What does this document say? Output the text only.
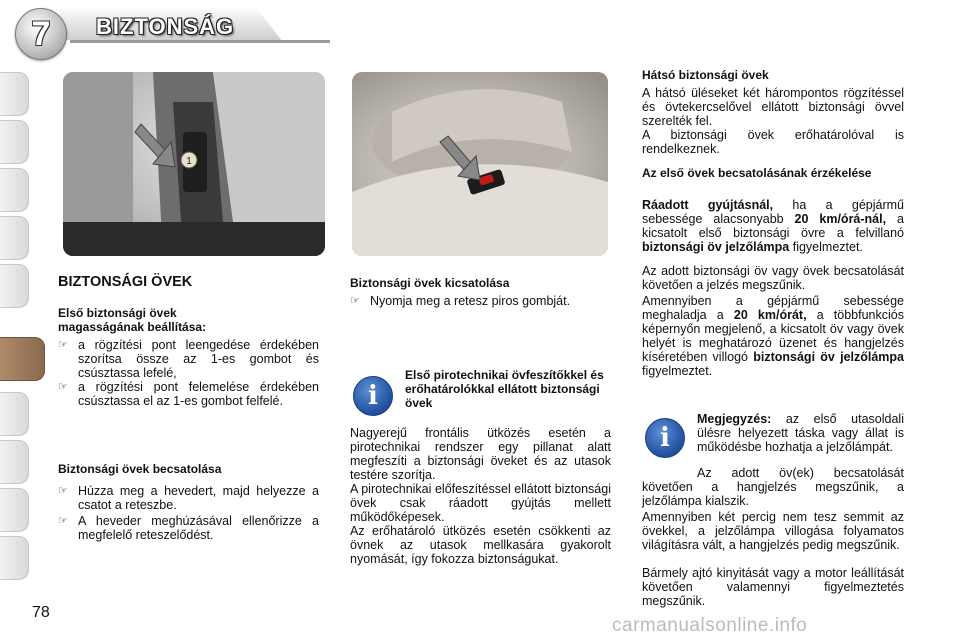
7	BIZTONSÁG
1
BIZTONSÁGI ÖVEK
Első biztonsági övek magasságának beállítása:
☞ a rögzítési pont leengedése érdekében szorítsa össze az 1-es gombot és csúsztassa lefelé,
☞ a rögzítési pont felemelése érdekében csúsztassa el az 1-es gombot felfelé.
Biztonsági övek becsatolása
☞ Húzza meg a hevedert, majd helyezze a csatot a reteszbe.
☞ A heveder meghúzásával ellenőrizze a megfelelő reteszelődést.
Biztonsági övek kicsatolása
☞ Nyomja meg a retesz piros gombját.
i
Első pirotechnikai övfeszítőkkel és erőhatárolókkal ellátott biztonsági övek
Nagyerejű frontális ütközés esetén a pirotechnikai rendszer egy pillanat alatt megfeszíti a biztonsági öveket és az utasok testére szorítja.
A pirotechnikai előfeszítéssel ellátott biztonsági övek csak ráadott gyújtás mellett működőképesek.
Az erőhatároló ütközés esetén csökkenti az övnek az utasok mellkasára gyakorolt nyomását, így fokozza biztonságukat.
Hátsó biztonsági övek
A hátsó üléseket két hárompontos rögzítéssel és övtekercselővel ellátott biztonsági övvel szerelték fel.
A biztonsági övek erőhatárolóval is rendelkeznek.
Az első övek becsatolásának érzékelése
Ráadott gyújtásnál, ha a gépjármű sebessége alacsonyabb 20 km/órá-nál, a kicsatolt első biztonsági övre a felvillanó biztonsági öv jelzőlámpa figyelmeztet.
Az adott biztonsági öv vagy övek becsatolását követően a jelzés megszűnik.
Amennyiben a gépjármű sebessége meghaladja a 20 km/órát, a többfunkciós képernyőn megjelenő, a kicsatolt öv vagy övek helyét is meghatározó üzenet és hangjelzés kíséretében villogó biztonsági öv jelzőlámpa figyelmeztet.
i
Megjegyzés: az első utasoldali ülésre helyezett táska vagy állat is működésbe hozhatja a jelzőlámpát.
Az adott öv(ek) becsatolását követően a hangjelzés megszűnik, a jelzőlámpa kialszik.
Amennyiben két percig nem tesz semmit az övekkel, a jelzőlámpa villogása folyamatos világításra vált, a hangjelzés pedig megszűnik.
Bármely ajtó kinyitását vagy a motor leállítását követően valamennyi figyelmeztetés megszűnik.
78
carmanualsonline.info
